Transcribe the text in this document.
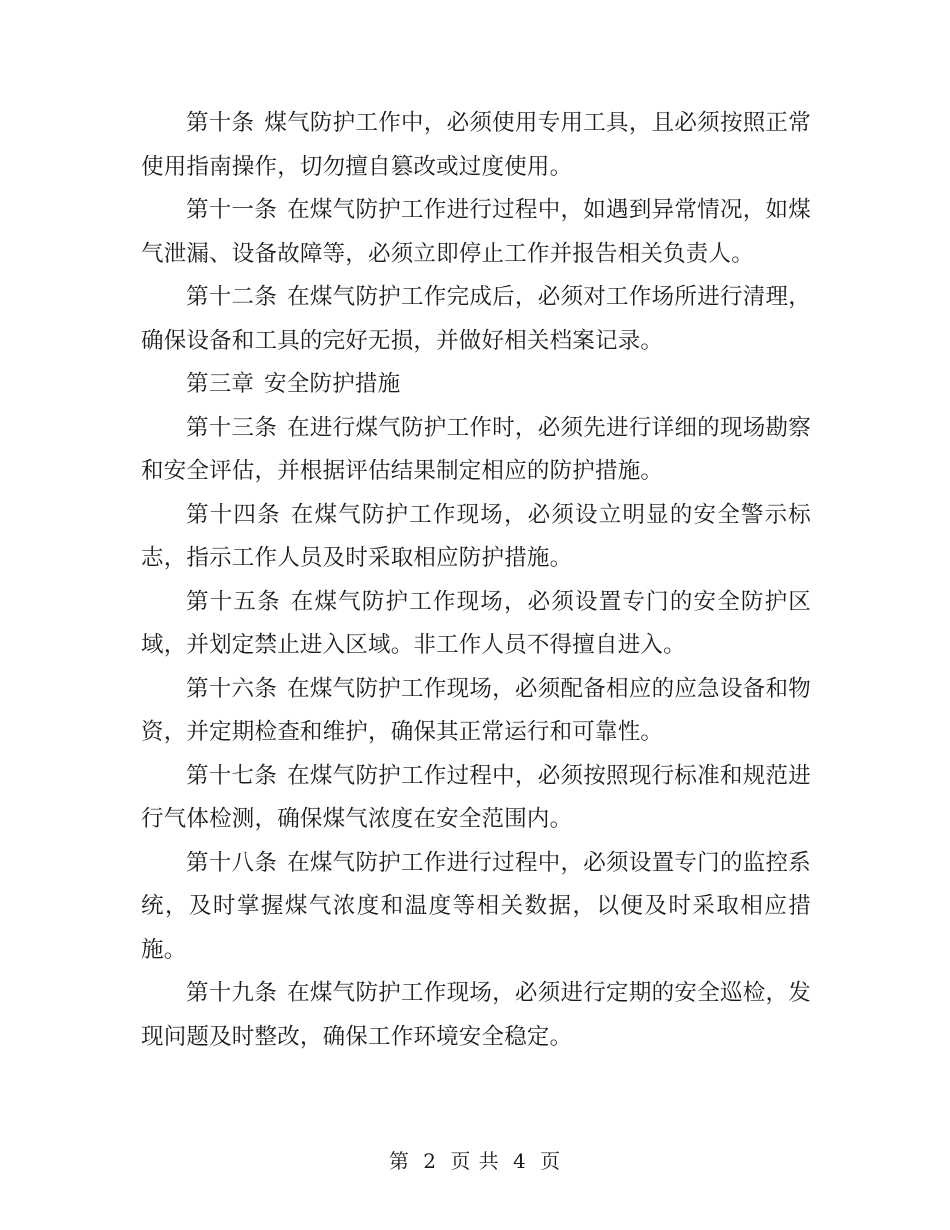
第十条 煤气防护工作中，必须使用专用工具，且必须按照正常使用指南操作，切勿擅自篡改或过度使用。

第十一条 在煤气防护工作进行过程中，如遇到异常情况，如煤气泄漏、设备故障等，必须立即停止工作并报告相关负责人。

第十二条 在煤气防护工作完成后，必须对工作场所进行清理，确保设备和工具的完好无损，并做好相关档案记录。

第三章 安全防护措施

第十三条 在进行煤气防护工作时，必须先进行详细的现场勘察和安全评估，并根据评估结果制定相应的防护措施。

第十四条 在煤气防护工作现场，必须设立明显的安全警示标志，指示工作人员及时采取相应防护措施。

第十五条 在煤气防护工作现场，必须设置专门的安全防护区域，并划定禁止进入区域。非工作人员不得擅自进入。

第十六条 在煤气防护工作现场，必须配备相应的应急设备和物资，并定期检查和维护，确保其正常运行和可靠性。

第十七条 在煤气防护工作过程中，必须按照现行标准和规范进行气体检测，确保煤气浓度在安全范围内。

第十八条 在煤气防护工作进行过程中，必须设置专门的监控系统，及时掌握煤气浓度和温度等相关数据，以便及时采取相应措施。

第十九条 在煤气防护工作现场，必须进行定期的安全巡检，发现问题及时整改，确保工作环境安全稳定。

第 2 页 共 4 页
